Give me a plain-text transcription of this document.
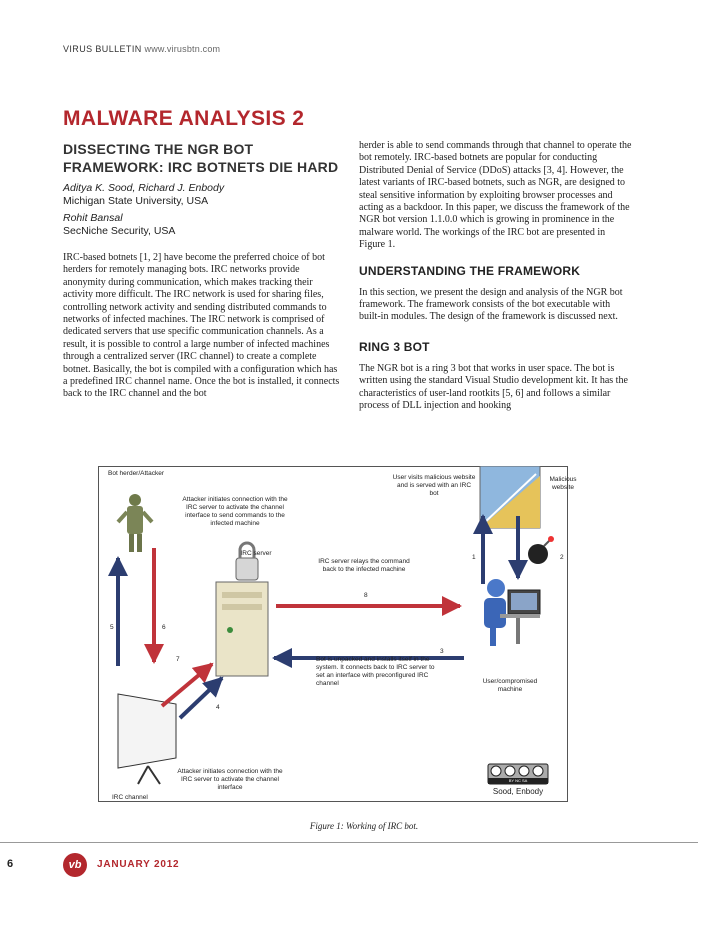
VIRUS BULLETIN www.virusbtn.com
MALWARE ANALYSIS 2
DISSECTING THE NGR BOT FRAMEWORK: IRC BOTNETS DIE HARD
Aditya K. Sood, Richard J. Enbody
Michigan State University, USA
Rohit Bansal
SecNiche Security, USA

IRC-based botnets [1, 2] have become the preferred choice of bot herders for remotely managing bots. IRC networks provide anonymity during communication, which makes tracking their activity more difficult. The IRC network is used for sharing files, controlling network activity and sending distributed commands to networks of infected machines. The IRC network is comprised of dedicated servers that use specific communication channels. As a result, it is possible to control a large number of infected machines through a centralized server (IRC channel) to create a complete botnet. Basically, the bot is compiled with a configuration which has a predefined IRC channel name. Once the bot is installed, it connects back to the IRC channel and the bot

herder is able to send commands through that channel to operate the bot remotely. IRC-based botnets are popular for conducting Distributed Denial of Service (DDoS) attacks [3, 4]. However, the latest variants of IRC-based botnets, such as NGR, are designed to steal sensitive information by exploiting browser processes and acting as a backdoor. In this paper, we discuss the framework of the NGR bot version 1.1.0.0 which is growing in prominence in the malware world. The workings of the IRC bot are presented in Figure 1.

UNDERSTANDING THE FRAMEWORK

In this section, we present the design and analysis of the NGR bot framework. The framework consists of the bot executable with built-in modules. The design of the framework is discussed next.

RING 3 BOT

The NGR bot is a ring 3 bot that works in user space. The bot is written using the standard Visual Studio development kit. It has the characteristics of user-land rootkits [5, 6] and follows a similar process of DLL injection and hooking

Bot herder/Attacker
Attacker initiates connection with the IRC server to activate the channel interface to send commands to the infected machine
IRC server
User visits malicious website and is served with an IRC bot
Malicious website
IRC server relays the command back to the infected machine
Bot is unpacked and installs itself in the system. It connects back to IRC server to set an interface with preconfigured IRC channel	User/compromised machine
Attacker initiates connection with the IRC server to activate the channel interface
IRC channel
Sood, Enbody
BY NC SA
1	2
3
4
5	6
7
8
Figure 1: Working of IRC bot.
6	vb	JANUARY 2012
